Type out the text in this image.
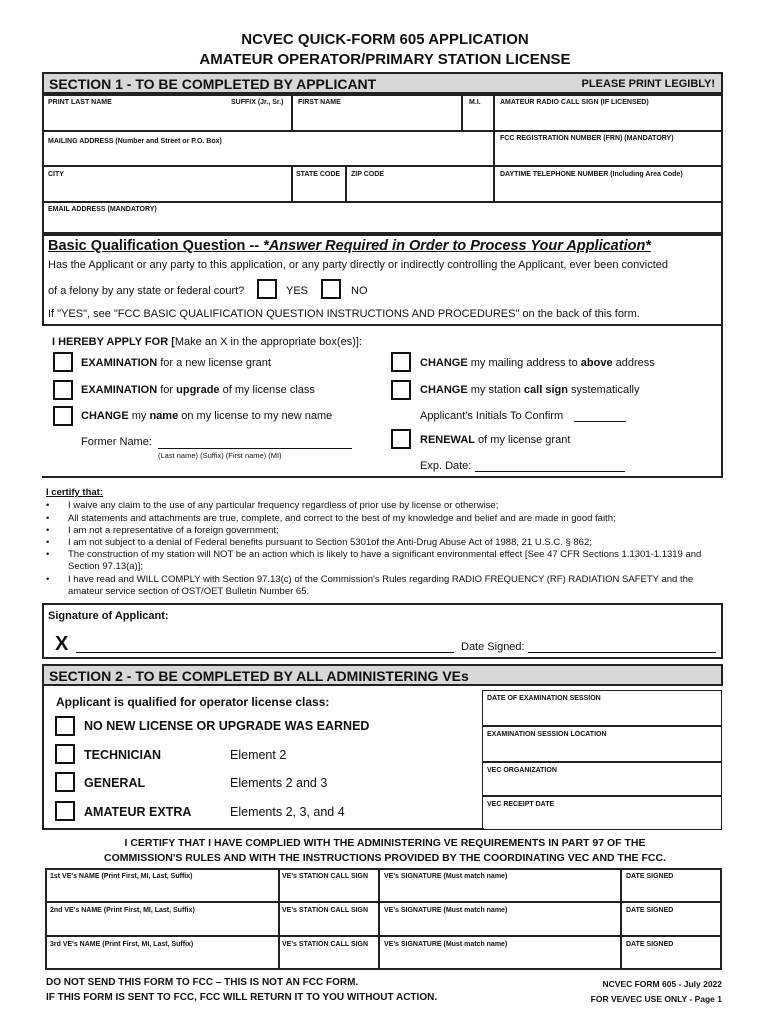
NCVEC QUICK-FORM 605 APPLICATION
AMATEUR OPERATOR/PRIMARY STATION LICENSE
SECTION 1 - TO BE COMPLETED BY APPLICANT	PLEASE PRINT LEGIBLY!
PRINT LAST NAME	SUFFIX (Jr., Sr.) FIRST NAME	M.I.	AMATEUR RADIO CALL SIGN (IF LICENSED)
MAILING ADDRESS (Number and Street or P.O. Box)	FCC REGISTRATION NUMBER (FRN) (MANDATORY)
CITY	STATE CODE ZIP CODE	DAYTIME TELEPHONE NUMBER (Including Area Code)
EMAIL ADDRESS (MANDATORY)
Basic Qualification Question -- *Answer Required in Order to Process Your Application*
Has the Applicant or any party to this application, or any party directly or indirectly controlling the Applicant, ever been convicted
of a felony by any state or federal court?	YES	NO
If "YES", see "FCC BASIC QUALIFICATION QUESTION INSTRUCTIONS AND PROCEDURES" on the back of this form.
I HEREBY APPLY FOR [Make an X in the appropriate box(es)]:
EXAMINATION for a new license grant
EXAMINATION for upgrade of my license class
CHANGE my name on my license to my new name
Former Name:
(Last name) (Suffix) (First name) (MI)
CHANGE my mailing address to above address
CHANGE my station call sign systematically
Applicant's Initials To Confirm
RENEWAL of my license grant
Exp. Date:
I certify that:
• I waive any claim to the use of any particular frequency regardless of prior use by license or otherwise;
• All statements and attachments are true, complete, and correct to the best of my knowledge and belief and are made in good faith;
• I am not a representative of a foreign government;
• I am not subject to a denial of Federal benefits pursuant to Section 5301of the Anti-Drug Abuse Act of 1988, 21 U.S.C. § 862;
• The construction of my station will NOT be an action which is likely to have a significant environmental effect [See 47 CFR Sections 1.1301-1.1319 and Section 97.13(a)];
• I have read and WILL COMPLY with Section 97.13(c) of the Commission's Rules regarding RADIO FREQUENCY (RF) RADIATION SAFETY and the amateur service section of OST/OET Bulletin Number 65.
Signature of Applicant:
X	Date Signed:
SECTION 2 - TO BE COMPLETED BY ALL ADMINISTERING VEs
Applicant is qualified for operator license class:
NO NEW LICENSE OR UPGRADE WAS EARNED
TECHNICIAN	Element 2
GENERAL	Elements 2 and 3
AMATEUR EXTRA	Elements 2, 3, and 4
DATE OF EXAMINATION SESSION
EXAMINATION SESSION LOCATION
VEC ORGANIZATION
VEC RECEIPT DATE
I CERTIFY THAT I HAVE COMPLIED WITH THE ADMINISTERING VE REQUIREMENTS IN PART 97 OF THE
COMMISSION'S RULES AND WITH THE INSTRUCTIONS PROVIDED BY THE COORDINATING VEC AND THE FCC.
1st VE's NAME (Print First, MI, Last, Suffix)	VE's STATION CALL SIGN VE's SIGNATURE (Must match name)	DATE SIGNED
2nd VE's NAME (Print First, MI, Last, Suffix)	VE's STATION CALL SIGN VE's SIGNATURE (Must match name)	DATE SIGNED
3rd VE's NAME (Print First, MI, Last, Suffix)	VE's STATION CALL SIGN VE's SIGNATURE (Must match name)	DATE SIGNED
DO NOT SEND THIS FORM TO FCC – THIS IS NOT AN FCC FORM.
IF THIS FORM IS SENT TO FCC, FCC WILL RETURN IT TO YOU WITHOUT ACTION.
NCVEC FORM 605 - July 2022
FOR VE/VEC USE ONLY - Page 1
